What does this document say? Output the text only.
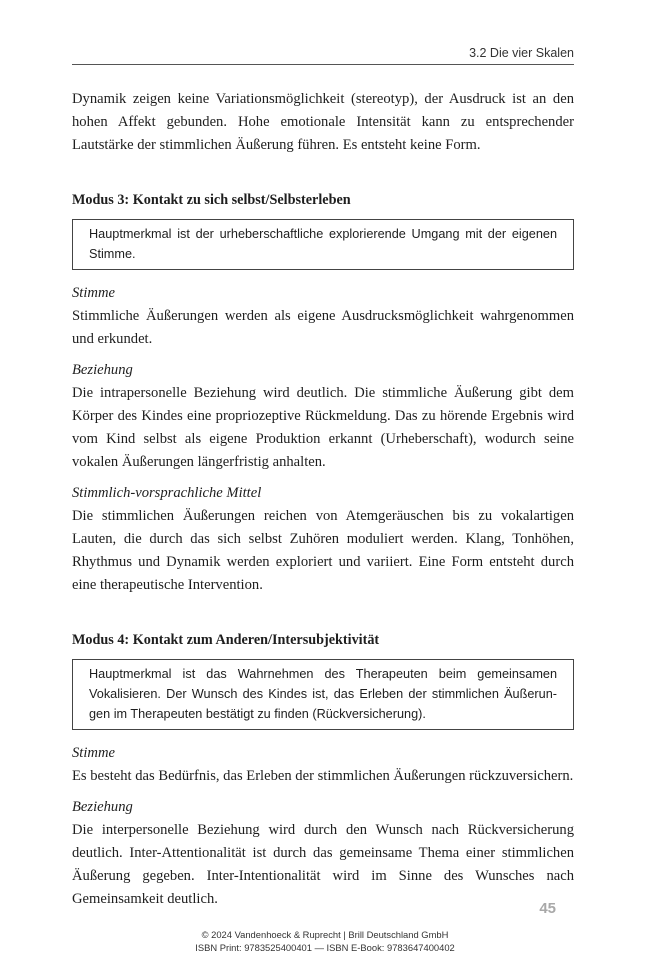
3.2 Die vier Skalen

Dynamik zeigen keine Variationsmöglichkeit (stereotyp), der Ausdruck ist an den hohen Affekt gebunden. Hohe emotionale Intensität kann zu entsprechender Lautstärke der stimmlichen Äußerung führen. Es entsteht keine Form.

Modus 3: Kontakt zu sich selbst/Selbsterleben
Hauptmerkmal ist der urheberschaftliche explorierende Umgang mit der eigenen Stimme.
Stimme

Stimmliche Äußerungen werden als eigene Ausdrucksmöglichkeit wahrgenommen und erkundet.

Beziehung

Die intrapersonelle Beziehung wird deutlich. Die stimmliche Äußerung gibt dem Körper des Kindes eine propriozeptive Rückmeldung. Das zu hörende Ergebnis wird vom Kind selbst als eigene Produktion erkannt (Urheberschaft), wodurch seine vokalen Äußerungen längerfristig anhalten.

Stimmlich-vorsprachliche Mittel

Die stimmlichen Äußerungen reichen von Atemgeräuschen bis zu vokalartigen Lauten, die durch das sich selbst Zuhören moduliert werden. Klang, Tonhöhen, Rhythmus und Dynamik werden exploriert und variiert. Eine Form entsteht durch eine therapeutische Intervention.

Modus 4: Kontakt zum Anderen/Intersubjektivität
Hauptmerkmal ist das Wahrnehmen des Therapeuten beim gemeinsamen Vokalisieren. Der Wunsch des Kindes ist, das Erleben der stimmlichen Äußerungen im Therapeuten bestätigt zu finden (Rückversicherung).
Stimme

Es besteht das Bedürfnis, das Erleben der stimmlichen Äußerungen rückzuversichern.

Beziehung

Die interpersonelle Beziehung wird durch den Wunsch nach Rückversicherung deutlich. Inter-Attentionalität ist durch das gemeinsame Thema einer stimmlichen Äußerung gegeben. Inter-Intentionalität wird im Sinne des Wunsches nach Gemeinsamkeit deutlich.

45
© 2024 Vandenhoeck & Ruprecht | Brill Deutschland GmbH
ISBN Print: 9783525400401 — ISBN E-Book: 9783647400402
